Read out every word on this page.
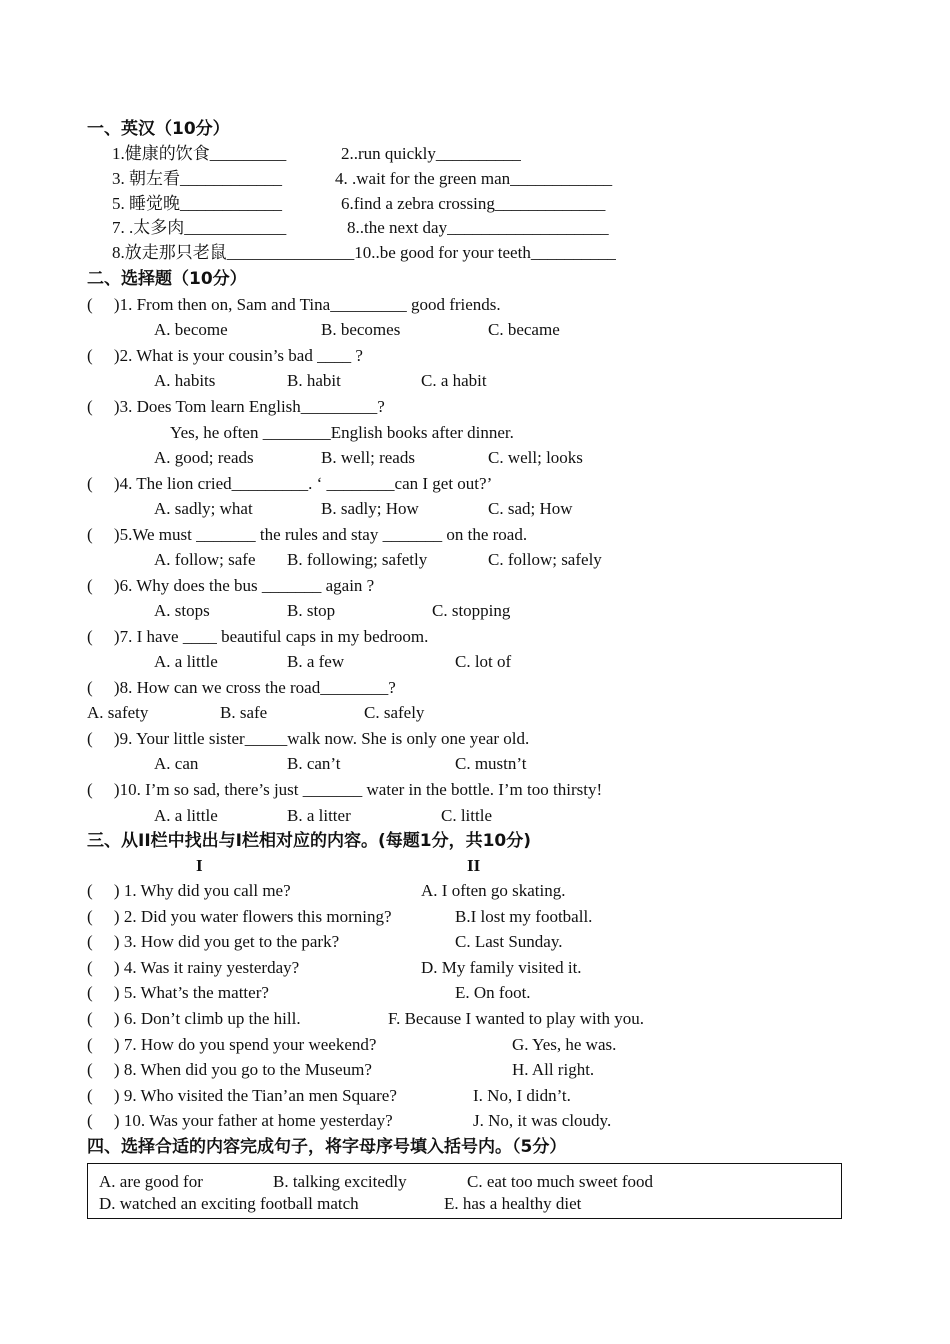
一、英汉（10分）
1.健康的饮食_________	2..run quickly__________
3. 朝左看____________	4. .wait for the green man____________
5. 睡觉晚____________	6.find a zebra crossing_____________
7. .太多肉____________	8..the next day___________________
8.放走那只老鼠_______________10..be good for your teeth__________
二、选择题（10分）
(     )1. From then on, Sam and Tina_________ good friends.
A. become	B. becomes	C. became
(     )2. What is your cousin’s bad ____ ?
A. habits	B. habit	C. a habit
(     )3. Does Tom learn English_________?
Yes, he often ________English books after dinner.
A. good; reads	B. well; reads	C. well; looks
(     )4. The lion cried_________. ‘ ________can I get out?’
A. sadly; what	B. sadly; How	C. sad; How
(     )5.We must _______ the rules and stay _______ on the road.
A. follow; safe B. following; safetly	C. follow; safely
(     )6. Why does the bus _______ again ?
A. stops	B. stop	C. stopping
(     )7. I have ____ beautiful caps in my bedroom.
A. a little	B. a few	C. lot of
(     )8. How can we cross the road________?
A. safety	B. safe	C. safely
(     )9. Your little sister_____walk now. She is only one year old.
A. can	B. can’t	C. mustn’t
(     )10. I’m so sad, there’s just _______ water in the bottle. I’m too thirsty!
A. a little	B. a litter	C. little
三、从II栏中找出与I栏相对应的内容。(每题1分，共10分)
I	II
(     ) 1. Why did you call me?	A. I often go skating.
(     ) 2. Did you water flowers this morning?	B.I lost my football.
(     ) 3. How did you get to the park?	C. Last Sunday.
(     ) 4. Was it rainy yesterday?	D. My family visited it.
(     ) 5. What’s the matter?	E. On foot.
(     ) 6. Don’t climb up the hill.	F. Because I wanted to play with you.
(     ) 7. How do you spend your weekend?	G. Yes, he was.
(     ) 8. When did you go to the Museum?	H. All right.
(     ) 9. Who visited the Tian’an men Square?	I. No, I didn’t.
(     ) 10. Was your father at home yesterday?	J. No, it was cloudy.
四、选择合适的内容完成句子，将字母序号填入括号内。（5分）
A. are good for	B. talking excitedly	C. eat too much sweet food
D. watched an exciting football match	E. has a healthy diet
